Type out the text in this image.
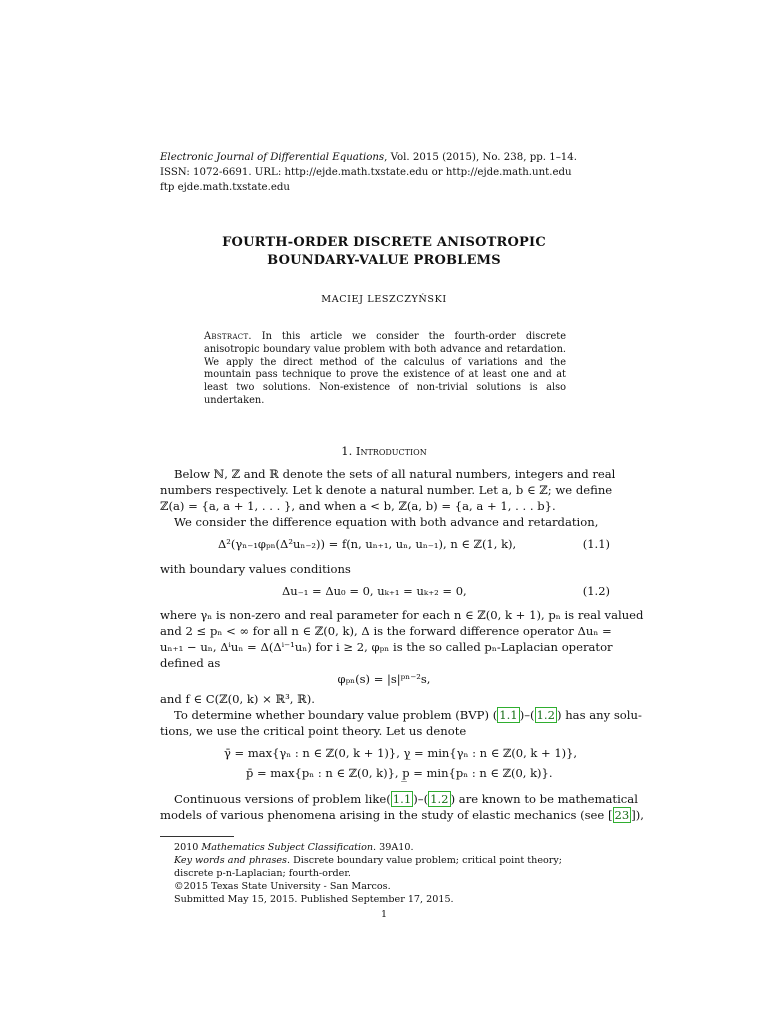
Electronic Journal of Differential Equations, Vol. 2015 (2015), No. 238, pp. 1–14.
ISSN: 1072-6691. URL: http://ejde.math.txstate.edu or http://ejde.math.unt.edu
ftp ejde.math.txstate.edu
FOURTH-ORDER DISCRETE ANISOTROPIC
BOUNDARY-VALUE PROBLEMS
MACIEJ LESZCZYŃSKI
Abstract. In this article we consider the fourth-order discrete anisotropic boundary value problem with both advance and retardation. We apply the direct method of the calculus of variations and the mountain pass technique to prove the existence of at least one and at least two solutions. Non-existence of non-trivial solutions is also undertaken.
1. Introduction
Below ℕ, ℤ and ℝ denote the sets of all natural numbers, integers and real
numbers respectively. Let k denote a natural number. Let a, b ∈ ℤ; we define
ℤ(a) = {a, a + 1, . . . }, and when a < b, ℤ(a, b) = {a, a + 1, . . . b}.
We consider the difference equation with both advance and retardation,
Δ²(γₙ₋₁φₚₙ(Δ²uₙ₋₂)) = f(n, uₙ₊₁, uₙ, uₙ₋₁), n ∈ ℤ(1, k),	(1.1)
with boundary values conditions
Δu₋₁ = Δu₀ = 0, uₖ₊₁ = uₖ₊₂ = 0,	(1.2)
where γₙ is non-zero and real parameter for each n ∈ ℤ(0, k + 1), pₙ is real valued
and 2 ≤ pₙ < ∞ for all n ∈ ℤ(0, k), Δ is the forward difference operator Δuₙ =
uₙ₊₁ − uₙ, Δⁱuₙ = Δ(Δⁱ⁻¹uₙ) for i ≥ 2, φₚₙ is the so called pₙ-Laplacian operator
defined as
φₚₙ(s) = |s|ᵖⁿ⁻²s,
and f ∈ C(ℤ(0, k) × ℝ³, ℝ).
To determine whether boundary value problem (BVP) ( 1.1 )–( 1.2 ) has any solu-
tions, we use the critical point theory. Let us denote
γ̄ = max{γₙ : n ∈ ℤ(0, k + 1)}, γ̲ = min{γₙ : n ∈ ℤ(0, k + 1)},
p̄ = max{pₙ : n ∈ ℤ(0, k)}, p̲ = min{pₙ : n ∈ ℤ(0, k)}.
Continuous versions of problem like( 1.1 )–( 1.2 ) are known to be mathematical
models of various phenomena arising in the study of elastic mechanics (see [ 23 ]),
2010 Mathematics Subject Classification. 39A10.
Key words and phrases. Discrete boundary value problem; critical point theory;
discrete p-n-Laplacian; fourth-order.
©2015 Texas State University - San Marcos.
Submitted May 15, 2015. Published September 17, 2015.
1
